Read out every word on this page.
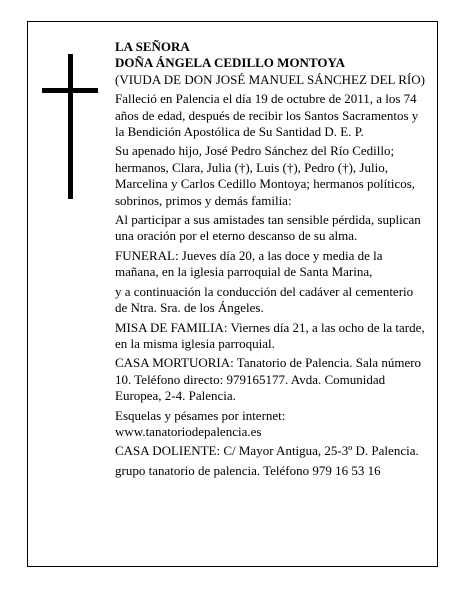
LA SEÑORA
DOÑA ÁNGELA CEDILLO MONTOYA

(VIUDA DE DON JOSÉ MANUEL SÁNCHEZ DEL RÍO)

Falleció en Palencia el día 19 de octubre de 2011, a los 74 años de edad, después de recibir los Santos Sacramentos y la Bendición Apostólica de Su Santidad D. E. P.

Su apenado hijo, José Pedro Sánchez del Río Cedillo; hermanos, Clara, Julia (†), Luis (†), Pedro (†), Julio, Marcelina y Carlos Cedillo Montoya; hermanos políticos, sobrinos, primos y demás familia:

Al participar a sus amistades tan sensible pérdida, suplican una oración por el eterno descanso de su alma.

FUNERAL: Jueves día 20, a las doce y media de la mañana, en la iglesia parroquial de Santa Marina,

y a continuación la conducción del cadáver al cementerio de Ntra. Sra. de los Ángeles.

MISA DE FAMILIA: Viernes día 21, a las ocho de la tarde, en la misma iglesia parroquial.

CASA MORTUORIA: Tanatorio de Palencia. Sala número 10. Teléfono directo: 979165177. Avda. Comunidad Europea, 2-4. Palencia.

Esquelas y pésames por internet: www.tanatoriodepalencia.es

CASA DOLIENTE: C/ Mayor Antigua, 25-3º D. Palencia.

grupo tanatorio de palencia. Teléfono 979 16 53 16
